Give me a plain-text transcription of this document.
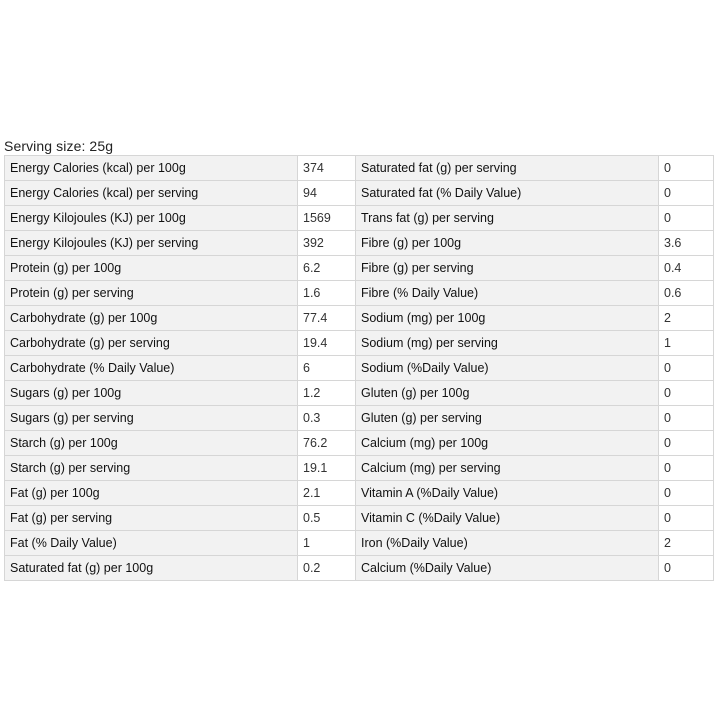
Serving size: 25g
Energy Calories (kcal) per 100g	374	Saturated fat (g) per serving	0
Energy Calories (kcal) per serving	94	Saturated fat (% Daily Value)	0
Energy Kilojoules (KJ) per 100g	1569	Trans fat (g) per serving	0
Energy Kilojoules (KJ) per serving	392	Fibre (g) per 100g	3.6
Protein (g) per 100g	6.2	Fibre (g) per serving	0.4
Protein (g) per serving	1.6	Fibre (% Daily Value)	0.6
Carbohydrate (g) per 100g	77.4	Sodium (mg) per 100g	2
Carbohydrate (g) per serving	19.4	Sodium (mg) per serving	1
Carbohydrate (% Daily Value)	6	Sodium (%Daily Value)	0
Sugars (g) per 100g	1.2	Gluten (g) per 100g	0
Sugars (g) per serving	0.3	Gluten (g) per serving	0
Starch (g) per 100g	76.2	Calcium (mg) per 100g	0
Starch (g) per serving	19.1	Calcium (mg) per serving	0
Fat (g) per 100g	2.1	Vitamin A (%Daily Value)	0
Fat (g) per serving	0.5	Vitamin C (%Daily Value)	0
Fat (% Daily Value)	1	Iron (%Daily Value)	2
Saturated fat (g) per 100g	0.2	Calcium (%Daily Value)	0
